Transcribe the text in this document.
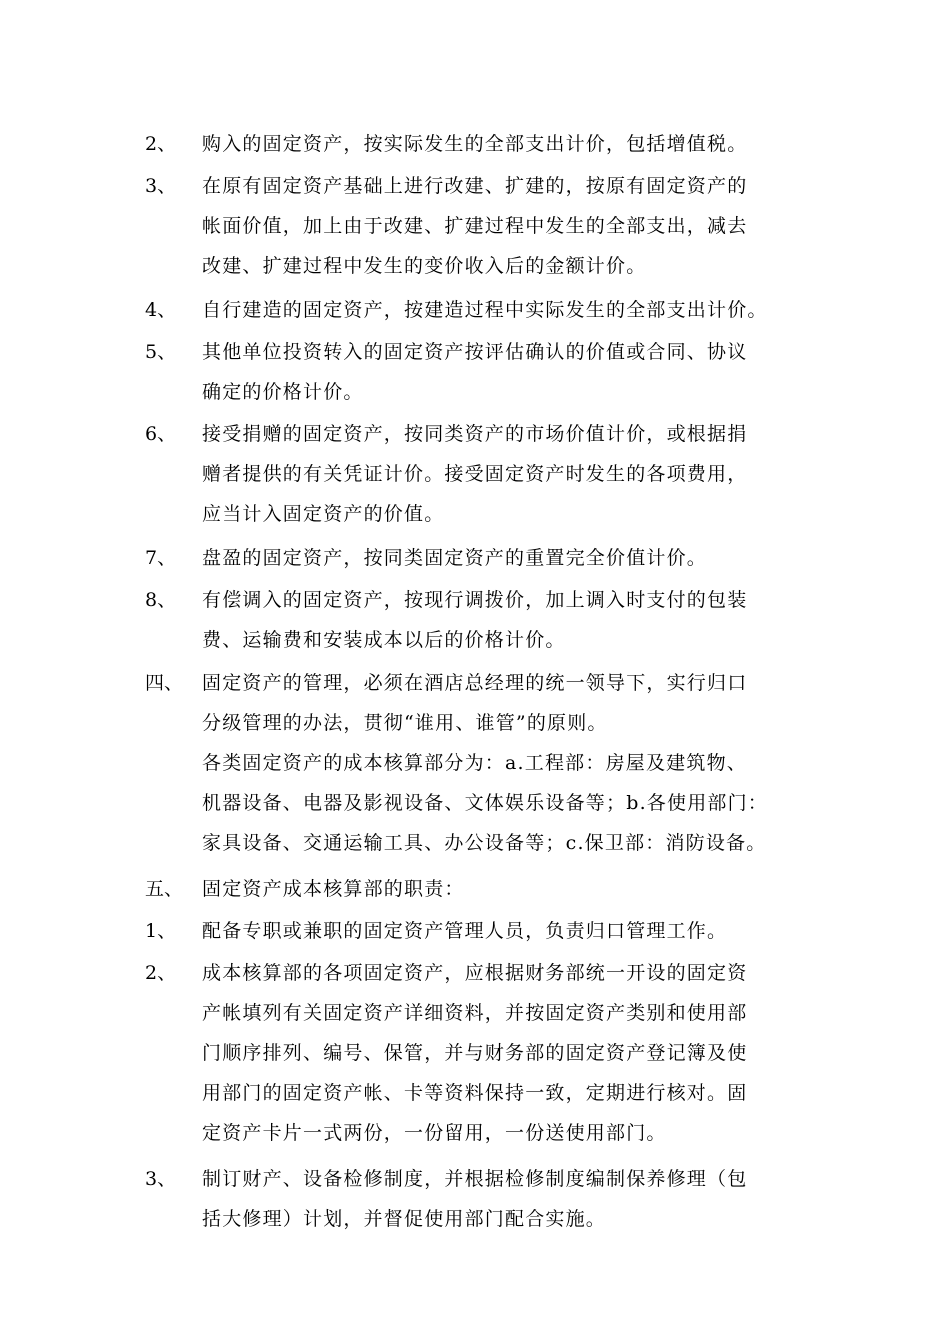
2、	购入的固定资产，按实际发生的全部支出计价，包括增值税。

3、	在原有固定资产基础上进行改建、扩建的，按原有固定资产的

帐面价值，加上由于改建、扩建过程中发生的全部支出，减去

改建、扩建过程中发生的变价收入后的金额计价。

4、	自行建造的固定资产，按建造过程中实际发生的全部支出计价。

5、	其他单位投资转入的固定资产按评估确认的价值或合同、协议

确定的价格计价。

6、	接受捐赠的固定资产，按同类资产的市场价值计价，或根据捐

赠者提供的有关凭证计价。接受固定资产时发生的各项费用，

应当计入固定资产的价值。

7、	盘盈的固定资产，按同类固定资产的重置完全价值计价。

8、	有偿调入的固定资产，按现行调拨价，加上调入时支付的包装

费、运输费和安装成本以后的价格计价。

四、 固定资产的管理，必须在酒店总经理的统一领导下，实行归口

分级管理的办法，贯彻“谁用、谁管”的原则。

各类固定资产的成本核算部分为：a.工程部：房屋及建筑物、

机器设备、电器及影视设备、文体娱乐设备等；b.各使用部门：

家具设备、交通运输工具、办公设备等；c.保卫部：消防设备。

五、 固定资产成本核算部的职责：

1、	配备专职或兼职的固定资产管理人员，负责归口管理工作。

2、	成本核算部的各项固定资产，应根据财务部统一开设的固定资

产帐填列有关固定资产详细资料，并按固定资产类别和使用部

门顺序排列、编号、保管，并与财务部的固定资产登记簿及使

用部门的固定资产帐、卡等资料保持一致，定期进行核对。固

定资产卡片一式两份，一份留用，一份送使用部门。

3、	制订财产、设备检修制度，并根据检修制度编制保养修理（包

括大修理）计划，并督促使用部门配合实施。
